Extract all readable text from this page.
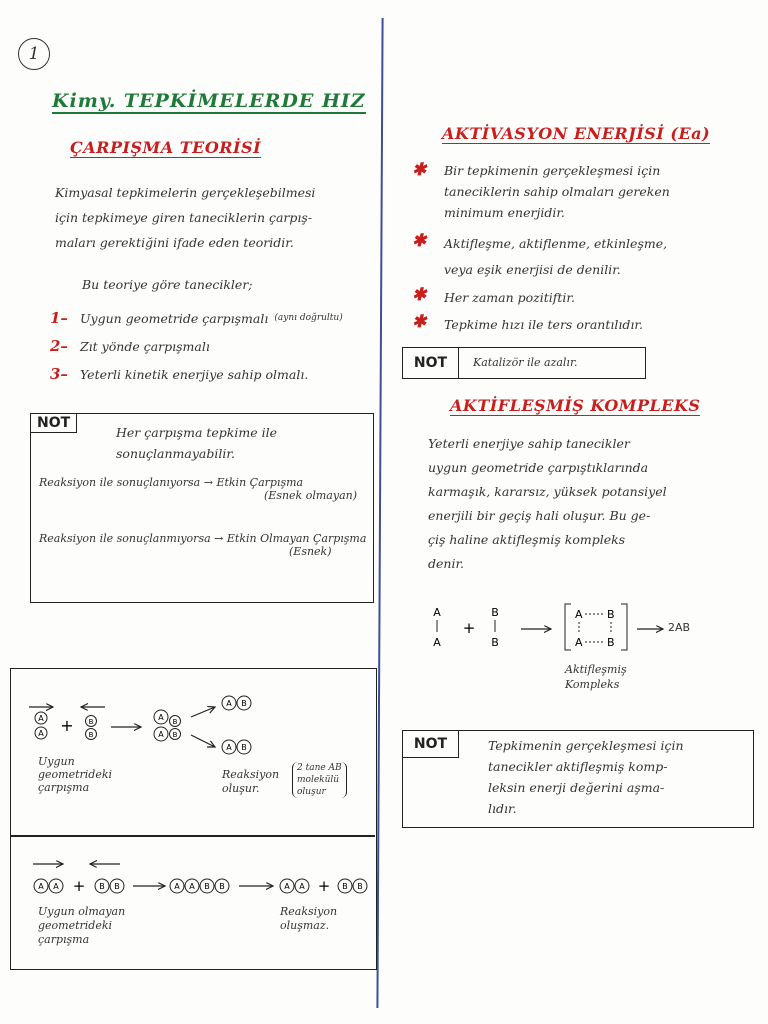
1
Kimy. TEPKİMELERDE HIZ
ÇARPIŞMA TEORİSİ
Kimyasal tepkimelerin gerçekleşebilmesi
için tepkimeye giren taneciklerin çarpış-
maları gerektiğini ifade eden teoridir.
Bu teoriye göre tanecikler;
1– Uygun geometride çarpışmalı (aynı doğrultu)
2– Zıt yönde çarpışmalı
3– Yeterli kinetik enerjiye sahip olmalı.
NOT
Her çarpışma tepkime ile
sonuçlanmayabilir.
Reaksiyon ile sonuçlanıyorsa → Etkin Çarpışma
(Esnek olmayan)
Reaksiyon ile sonuçlanmıyorsa → Etkin Olmayan Çarpışma
(Esnek)
A
A + B
B
A
A
B
B
A B
A B
Uygun
geometrideki
çarpışma
Reaksiyon
oluşur.
2 tane AB
molekülü
oluşur
A A + B B	A A B B	A A + B B
Uygun olmayan
geometrideki
çarpışma
Reaksiyon
oluşmaz.
AKTİVASYON ENERJİSİ (Ea)
✱	Bir tepkimenin gerçekleşmesi için
taneciklerin sahip olmaları gereken
minimum enerjidir.
✱	Aktifleşme, aktiflenme, etkinleşme,
veya eşik enerjisi de denilir.
✱	Her zaman pozitiftir.
✱	Tepkime hızı ile ters orantılıdır.
NOT	Katalizör ile azalır.
AKTİFLEŞMİŞ KOMPLEKS
Yeterli enerjiye sahip tanecikler
uygun geometride çarpıştıklarında
karmaşık, kararsız, yüksek potansiyel
enerjili bir geçiş hali oluşur. Bu ge-
çiş haline aktifleşmiş kompleks
denir.
A
A
+
B
B
A B
A B
2AB
Aktifleşmiş
Kompleks
NOT	Tepkimenin gerçekleşmesi için
tanecikler aktifleşmiş komp-
leksin enerji değerini aşma-
lıdır.
